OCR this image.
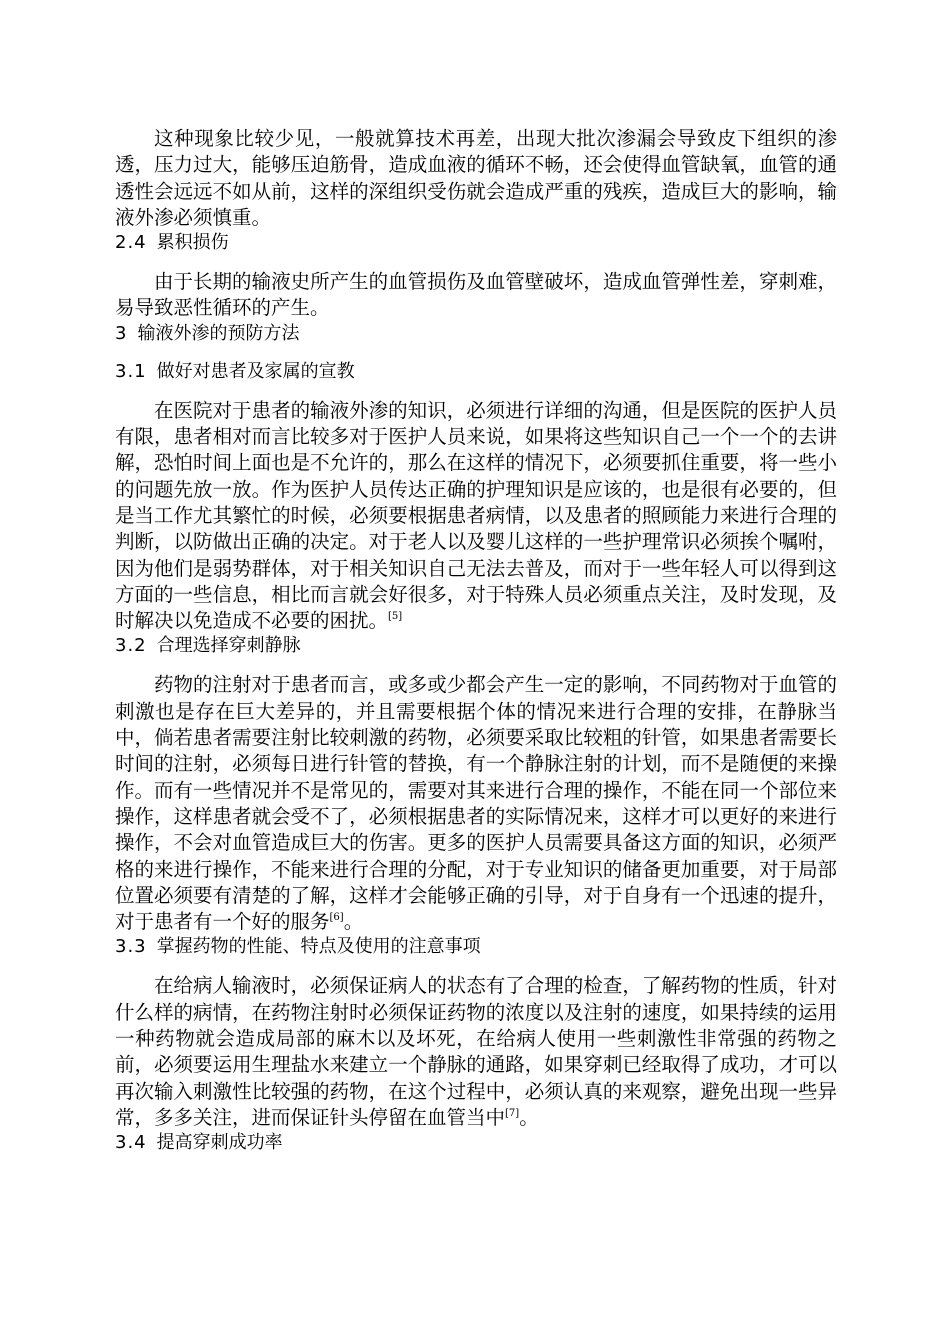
这种现象比较少见，一般就算技术再差，出现大批次渗漏会导致皮下组织的渗透，压力过大，能够压迫筋骨，造成血液的循环不畅，还会使得血管缺氧，血管的通透性会远远不如从前，这样的深组织受伤就会造成严重的残疾，造成巨大的影响，输液外渗必须慎重。

2.4 累积损伤

由于长期的输液史所产生的血管损伤及血管壁破坏，造成血管弹性差，穿刺难，易导致恶性循环的产生。

3 输液外渗的预防方法
3.1 做好对患者及家属的宣教

在医院对于患者的输液外渗的知识，必须进行详细的沟通，但是医院的医护人员有限，患者相对而言比较多对于医护人员来说，如果将这些知识自己一个一个的去讲解，恐怕时间上面也是不允许的，那么在这样的情况下，必须要抓住重要，将一些小的问题先放一放。作为医护人员传达正确的护理知识是应该的，也是很有必要的，但是当工作尤其繁忙的时候，必须要根据患者病情，以及患者的照顾能力来进行合理的判断，以防做出正确的决定。对于老人以及婴儿这样的一些护理常识必须挨个嘱咐，因为他们是弱势群体，对于相关知识自己无法去普及，而对于一些年轻人可以得到这方面的一些信息，相比而言就会好很多，对于特殊人员必须重点关注，及时发现，及时解决以免造成不必要的困扰。[5]

3.2 合理选择穿刺静脉

药物的注射对于患者而言，或多或少都会产生一定的影响，不同药物对于血管的刺激也是存在巨大差异的，并且需要根据个体的情况来进行合理的安排，在静脉当中，倘若患者需要注射比较刺激的药物，必须要采取比较粗的针管，如果患者需要长时间的注射，必须每日进行针管的替换，有一个静脉注射的计划，而不是随便的来操作。而有一些情况并不是常见的，需要对其来进行合理的操作，不能在同一个部位来操作，这样患者就会受不了，必须根据患者的实际情况来，这样才可以更好的来进行操作，不会对血管造成巨大的伤害。更多的医护人员需要具备这方面的知识，必须严格的来进行操作，不能来进行合理的分配，对于专业知识的储备更加重要，对于局部位置必须要有清楚的了解，这样才会能够正确的引导，对于自身有一个迅速的提升，对于患者有一个好的服务[6]。

3.3 掌握药物的性能、特点及使用的注意事项

在给病人输液时，必须保证病人的状态有了合理的检查，了解药物的性质，针对什么样的病情，在药物注射时必须保证药物的浓度以及注射的速度，如果持续的运用一种药物就会造成局部的麻木以及坏死，在给病人使用一些刺激性非常强的药物之前，必须要运用生理盐水来建立一个静脉的通路，如果穿刺已经取得了成功，才可以再次输入刺激性比较强的药物，在这个过程中，必须认真的来观察，避免出现一些异常，多多关注，进而保证针头停留在血管当中[7]。

3.4 提高穿刺成功率
